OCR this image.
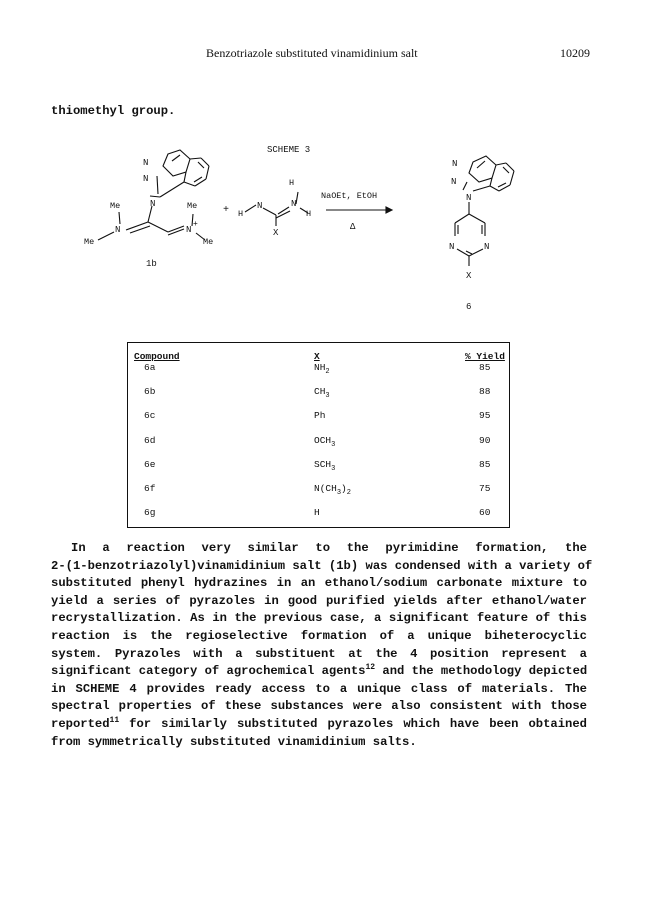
Benzotriazole substituted vinamidinium salt	10209
thiomethyl group.
SCHEME 3
N
N
N
Me
N
Me
Me
N
+
Me
1b
+ H
N
H
N
H
X
NaOEt, EtOH
Δ
N
N
N
N	N
X
6
Compound	X	% Yield
6a	$NH_2$	85
6b	$CH_3$	88
6c	Ph	95
6d	$OCH_3$	90
6e	$SCH_3$	85
6f	$N(CH_3)_2$	75
6g	H	60
In a reaction very similar to the pyrimidine formation, the
2-(1-benzotriazolyl)vinamidinium salt (1b) was condensed with a variety of
substituted phenyl hydrazines in an ethanol/sodium carbonate mixture to
yield a series of pyrazoles in good purified yields after ethanol/water
recrystallization. As in the previous case, a significant feature of this
reaction is the regioselective formation of a unique biheterocyclic
system. Pyrazoles with a substituent at the 4 position represent a
significant category of agrochemical agents$^{12}$ and the methodology depicted
in SCHEME 4 provides ready access to a unique class of materials. The
spectral properties of these substances were also consistent with those
reported$^{11}$ for similarly substituted pyrazoles which have been obtained
from symmetrically substituted vinamidinium salts.
